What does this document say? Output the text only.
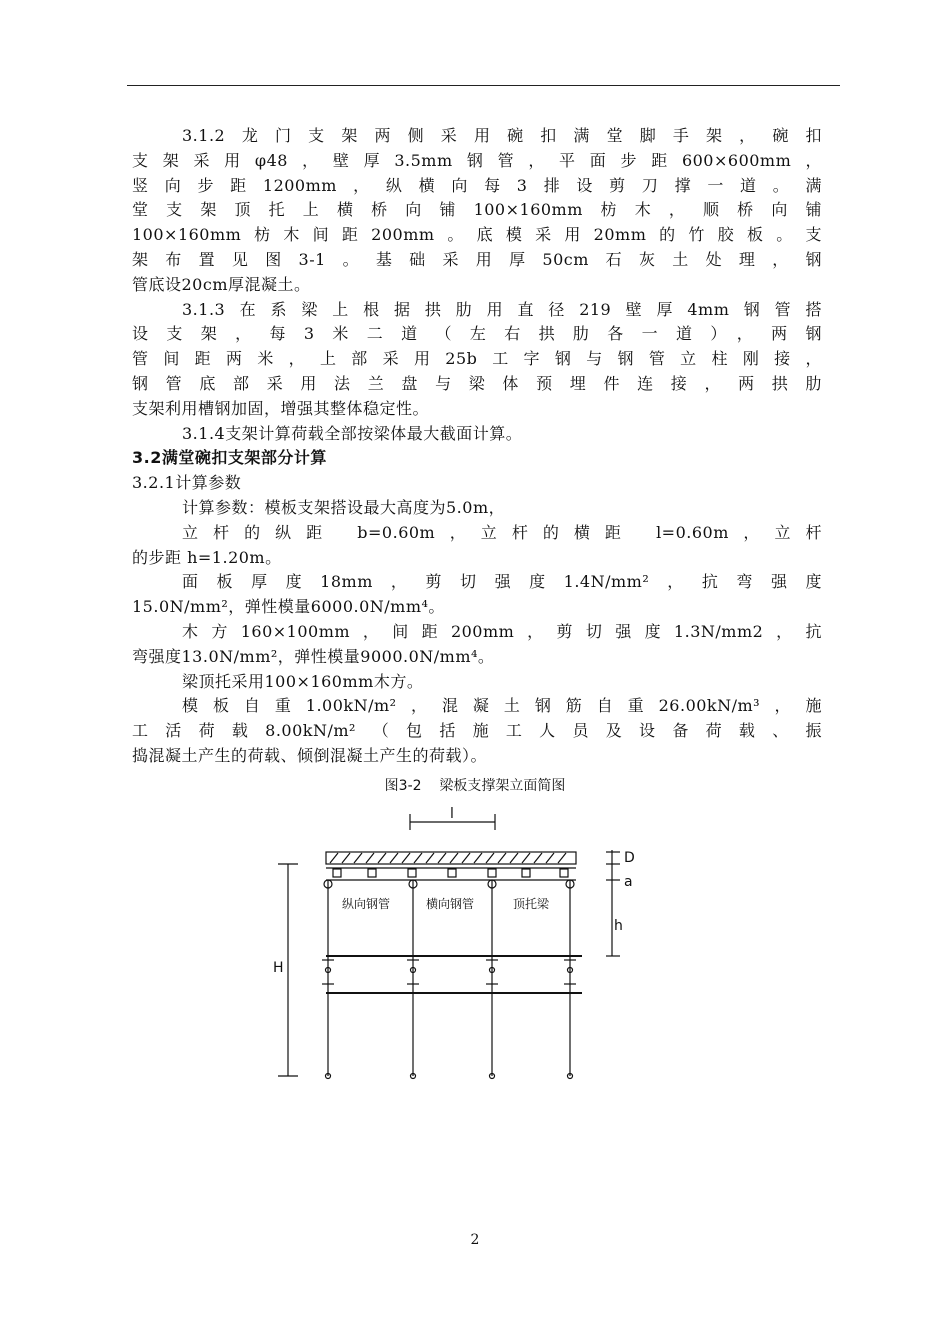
3.1.2龙门支架两侧采用碗扣满堂脚手架，碗扣
支架采用φ48，壁厚3.5mm钢管，平面步距600×600mm，
竖向步距1200mm，纵横向每3排设剪刀撑一道。满
堂支架顶托上横桥向铺100×160mm枋木，顺桥向铺
100×160mm枋木间距200mm。底模采用20mm的竹胶板。支
架布置见图3-1。基础采用厚50cm石灰土处理，钢
管底设20cm厚混凝土。
3.1.3在系梁上根据拱肋用直径219壁厚4mm钢管搭
设支架，每3米二道（左右拱肋各一道），两钢
管间距两米，上部采用25b工字钢与钢管立柱刚接，
钢管底部采用法兰盘与梁体预埋件连接，两拱肋
支架利用槽钢加固，增强其整体稳定性。
3.1.4支架计算荷载全部按梁体最大截面计算。
3.2满堂碗扣支架部分计算
3.2.1计算参数
计算参数：模板支架搭设最大高度为5.0m，
立杆的纵距 b=0.60m，立杆的横距 l=0.60m，立杆
的步距 h=1.20m。
面板厚度18mm，剪切强度1.4N/mm²，抗弯强度
15.0N/mm²，弹性模量6000.0N/mm⁴。
木方160×100mm，间距200mm，剪切强度1.3N/mm2，抗
弯强度13.0N/mm²，弹性模量9000.0N/mm⁴。
梁顶托采用100×160mm木方。
模板自重1.00kN/m²，混凝土钢筋自重26.00kN/m³，施
工活荷载8.00kN/m²（包括施工人员及设备荷载、振
捣混凝土产生的荷载、倾倒混凝土产生的荷载）。
图3-2    梁板支撑架立面简图
l
D
a
h
H
纵向钢管	横向钢管	顶托梁
2
